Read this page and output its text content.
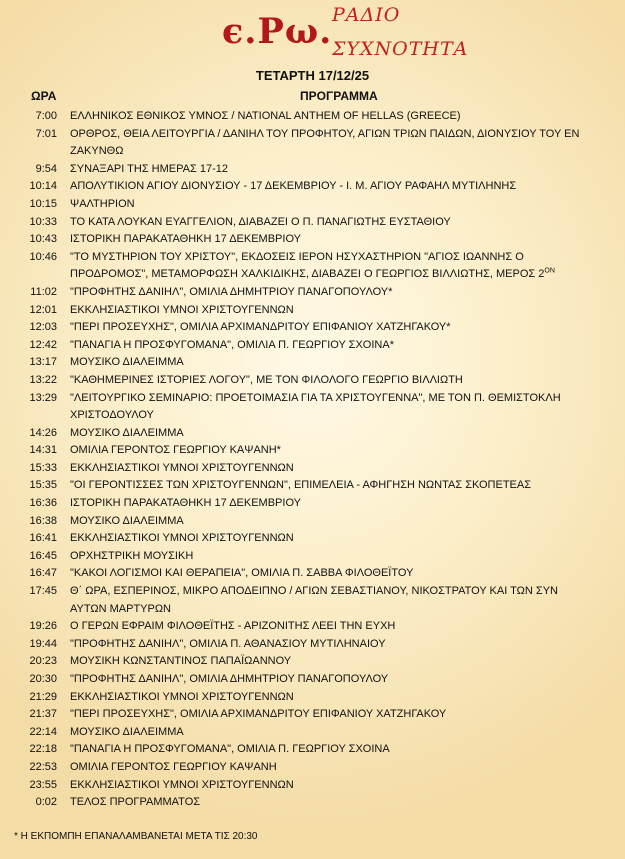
ϵ.Ρω. ΡΑΔΙΟ
ΣΥΧΝΟΤΗΤΑ
ΤΕΤΑΡΤΗ 17/12/25
ΩΡΑ	ΠΡΟΓΡΑΜΜΑ
7:00 ΕΛΛΗΝΙΚΟΣ ΕΘΝΙΚΟΣ ΥΜΝΟΣ / NATIONAL ANTHEM OF HELLAS (GREECE)
7:01 ΟΡΘΡΟΣ, ΘΕΙΑ ΛΕΙΤΟΥΡΓΙΑ / ΔΑΝΙΗΛ ΤΟΥ ΠΡΟΦΗΤΟΥ, ΑΓΙΩΝ ΤΡΙΩΝ ΠΑΙΔΩΝ, ΔΙΟΝΥΣΙΟΥ ΤΟΥ ΕΝ ΖΑΚΥΝΘΩ
9:54 ΣΥΝΑΞΑΡΙ ΤΗΣ ΗΜΕΡΑΣ 17-12
10:14 ΑΠΟΛΥΤΙΚΙΟΝ ΑΓΙΟΥ ΔΙΟΝΥΣΙΟΥ - 17 ΔΕΚΕΜΒΡΙΟΥ - Ι. Μ. ΑΓΙΟΥ ΡΑΦΑΗΛ ΜΥΤΙΛΗΝΗΣ
10:15 ΨΑΛΤΗΡΙΟΝ
10:33 ΤΟ ΚΑΤΑ ΛΟΥΚΑΝ ΕΥΑΓΓΕΛΙΟΝ, ΔΙΑΒΑΖΕΙ Ο Π. ΠΑΝΑΓΙΩΤΗΣ ΕΥΣΤΑΘΙΟΥ
10:43 ΙΣΤΟΡΙΚΗ ΠΑΡΑΚΑΤΑΘΗΚΗ 17 ΔΕΚΕΜΒΡΙΟΥ
10:46 "ΤΟ ΜΥΣΤΗΡΙΟΝ ΤΟΥ ΧΡΙΣΤΟΥ", ΕΚΔΟΣΕΙΣ ΙΕΡΟΝ ΗΣΥΧΑΣΤΗΡΙΟΝ "ΑΓΙΟΣ ΙΩΑΝΝΗΣ Ο ΠΡΟΔΡΟΜΟΣ", ΜΕΤΑΜΟΡΦΩΣΗ ΧΑΛΚΙΔΙΚΗΣ, ΔΙΑΒΑΖΕΙ Ο ΓΕΩΡΓΙΟΣ ΒΙΛΛΙΩΤΗΣ, ΜΕΡΟΣ $2^{ON}$
11:02 "ΠΡΟΦΗΤΗΣ ΔΑΝΙΗΛ", ΟΜΙΛΙΑ ΔΗΜΗΤΡΙΟΥ ΠΑΝΑΓΟΠΟΥΛΟΥ*
12:01 ΕΚΚΛΗΣΙΑΣΤΙΚΟΙ ΥΜΝΟΙ ΧΡΙΣΤΟΥΓΕΝΝΩΝ
12:03 "ΠΕΡΙ ΠΡΟΣΕΥΧΗΣ", ΟΜΙΛΙΑ ΑΡΧΙΜΑΝΔΡΙΤΟΥ ΕΠΙΦΑΝΙΟΥ ΧΑΤΖΗΓΑΚΟΥ*
12:42 "ΠΑΝΑΓΙΑ Η ΠΡΟΣΦΥΓΟΜΑΝΑ", ΟΜΙΛΙΑ Π. ΓΕΩΡΓΙΟΥ ΣΧΟΙΝΑ*
13:17 ΜΟΥΣΙΚΟ ΔΙΑΛΕΙΜΜΑ
13:22 "ΚΑΘΗΜΕΡΙΝΕΣ ΙΣΤΟΡΙΕΣ ΛΟΓΟΥ", ΜΕ ΤΟΝ ΦΙΛΟΛΟΓΟ ΓΕΩΡΓΙΟ ΒΙΛΛΙΩΤΗ
13:29 "ΛΕΙΤΟΥΡΓΙΚΟ ΣΕΜΙΝΑΡΙΟ: ΠΡΟΕΤΟΙΜΑΣΙΑ ΓΙΑ ΤΑ ΧΡΙΣΤΟΥΓΕΝΝΑ", ΜΕ ΤΟΝ Π. ΘΕΜΙΣΤΟΚΛΗ ΧΡΙΣΤΟΔΟΥΛΟΥ
14:26 ΜΟΥΣΙΚΟ ΔΙΑΛΕΙΜΜΑ
14:31 ΟΜΙΛΙΑ ΓΕΡΟΝΤΟΣ ΓΕΩΡΓΙΟΥ ΚΑΨΑΝΗ*
15:33 ΕΚΚΛΗΣΙΑΣΤΙΚΟΙ ΥΜΝΟΙ ΧΡΙΣΤΟΥΓΕΝΝΩΝ
15:35 "ΟΙ ΓΕΡΟΝΤΙΣΣΕΣ ΤΩΝ ΧΡΙΣΤΟΥΓΕΝΝΩΝ", ΕΠΙΜΕΛΕΙΑ - ΑΦΗΓΗΣΗ ΝΩΝΤΑΣ ΣΚΟΠΕΤΕΑΣ
16:36 ΙΣΤΟΡΙΚΗ ΠΑΡΑΚΑΤΑΘΗΚΗ 17 ΔΕΚΕΜΒΡΙΟΥ
16:38 ΜΟΥΣΙΚΟ ΔΙΑΛΕΙΜΜΑ
16:41 ΕΚΚΛΗΣΙΑΣΤΙΚΟΙ ΥΜΝΟΙ ΧΡΙΣΤΟΥΓΕΝΝΩΝ
16:45 ΟΡΧΗΣΤΡΙΚΗ ΜΟΥΣΙΚΗ
16:47 "ΚΑΚΟΙ ΛΟΓΙΣΜΟΙ ΚΑΙ ΘΕΡΑΠΕΙΑ", ΟΜΙΛΙΑ Π. ΣΑΒΒΑ ΦΙΛΟΘΕΪΤΟΥ
17:45 Θ΄ ΩΡΑ, ΕΣΠΕΡΙΝΟΣ, ΜΙΚΡΟ ΑΠΟΔΕΙΠΝΟ / ΑΓΙΩΝ ΣΕΒΑΣΤΙΑΝΟΥ, ΝΙΚΟΣΤΡΑΤΟΥ ΚΑΙ ΤΩΝ ΣΥΝ ΑΥΤΩΝ ΜΑΡΤΥΡΩΝ
19:26 Ο ΓΕΡΩΝ ΕΦΡΑΙΜ ΦΙΛΟΘΕΪΤΗΣ - ΑΡΙΖΟΝΙΤΗΣ ΛΕΕΙ ΤΗΝ ΕΥΧΗ
19:44 "ΠΡΟΦΗΤΗΣ ΔΑΝΙΗΛ", ΟΜΙΛΙΑ Π. ΑΘΑΝΑΣΙΟΥ ΜΥΤΙΛΗΝΑΙΟΥ
20:23 ΜΟΥΣΙΚΗ ΚΩΝΣΤΑΝΤΙΝΟΣ ΠΑΠΑΪΩΑΝΝΟΥ
20:30 "ΠΡΟΦΗΤΗΣ ΔΑΝΙΗΛ", ΟΜΙΛΙΑ ΔΗΜΗΤΡΙΟΥ ΠΑΝΑΓΟΠΟΥΛΟΥ
21:29 ΕΚΚΛΗΣΙΑΣΤΙΚΟΙ ΥΜΝΟΙ ΧΡΙΣΤΟΥΓΕΝΝΩΝ
21:37 "ΠΕΡΙ ΠΡΟΣΕΥΧΗΣ", ΟΜΙΛΙΑ ΑΡΧΙΜΑΝΔΡΙΤΟΥ ΕΠΙΦΑΝΙΟΥ ΧΑΤΖΗΓΑΚΟΥ
22:14 ΜΟΥΣΙΚΟ ΔΙΑΛΕΙΜΜΑ
22:18 "ΠΑΝΑΓΙΑ Η ΠΡΟΣΦΥΓΟΜΑΝΑ", ΟΜΙΛΙΑ Π. ΓΕΩΡΓΙΟΥ ΣΧΟΙΝΑ
22:53 ΟΜΙΛΙΑ ΓΕΡΟΝΤΟΣ ΓΕΩΡΓΙΟΥ ΚΑΨΑΝΗ
23:55 ΕΚΚΛΗΣΙΑΣΤΙΚΟΙ ΥΜΝΟΙ ΧΡΙΣΤΟΥΓΕΝΝΩΝ
0:02 ΤΕΛΟΣ ΠΡΟΓΡΑΜΜΑΤΟΣ
* Η ΕΚΠΟΜΠΗ ΕΠΑΝΑΛΑΜΒΑΝΕΤΑΙ ΜΕΤΑ ΤΙΣ 20:30
